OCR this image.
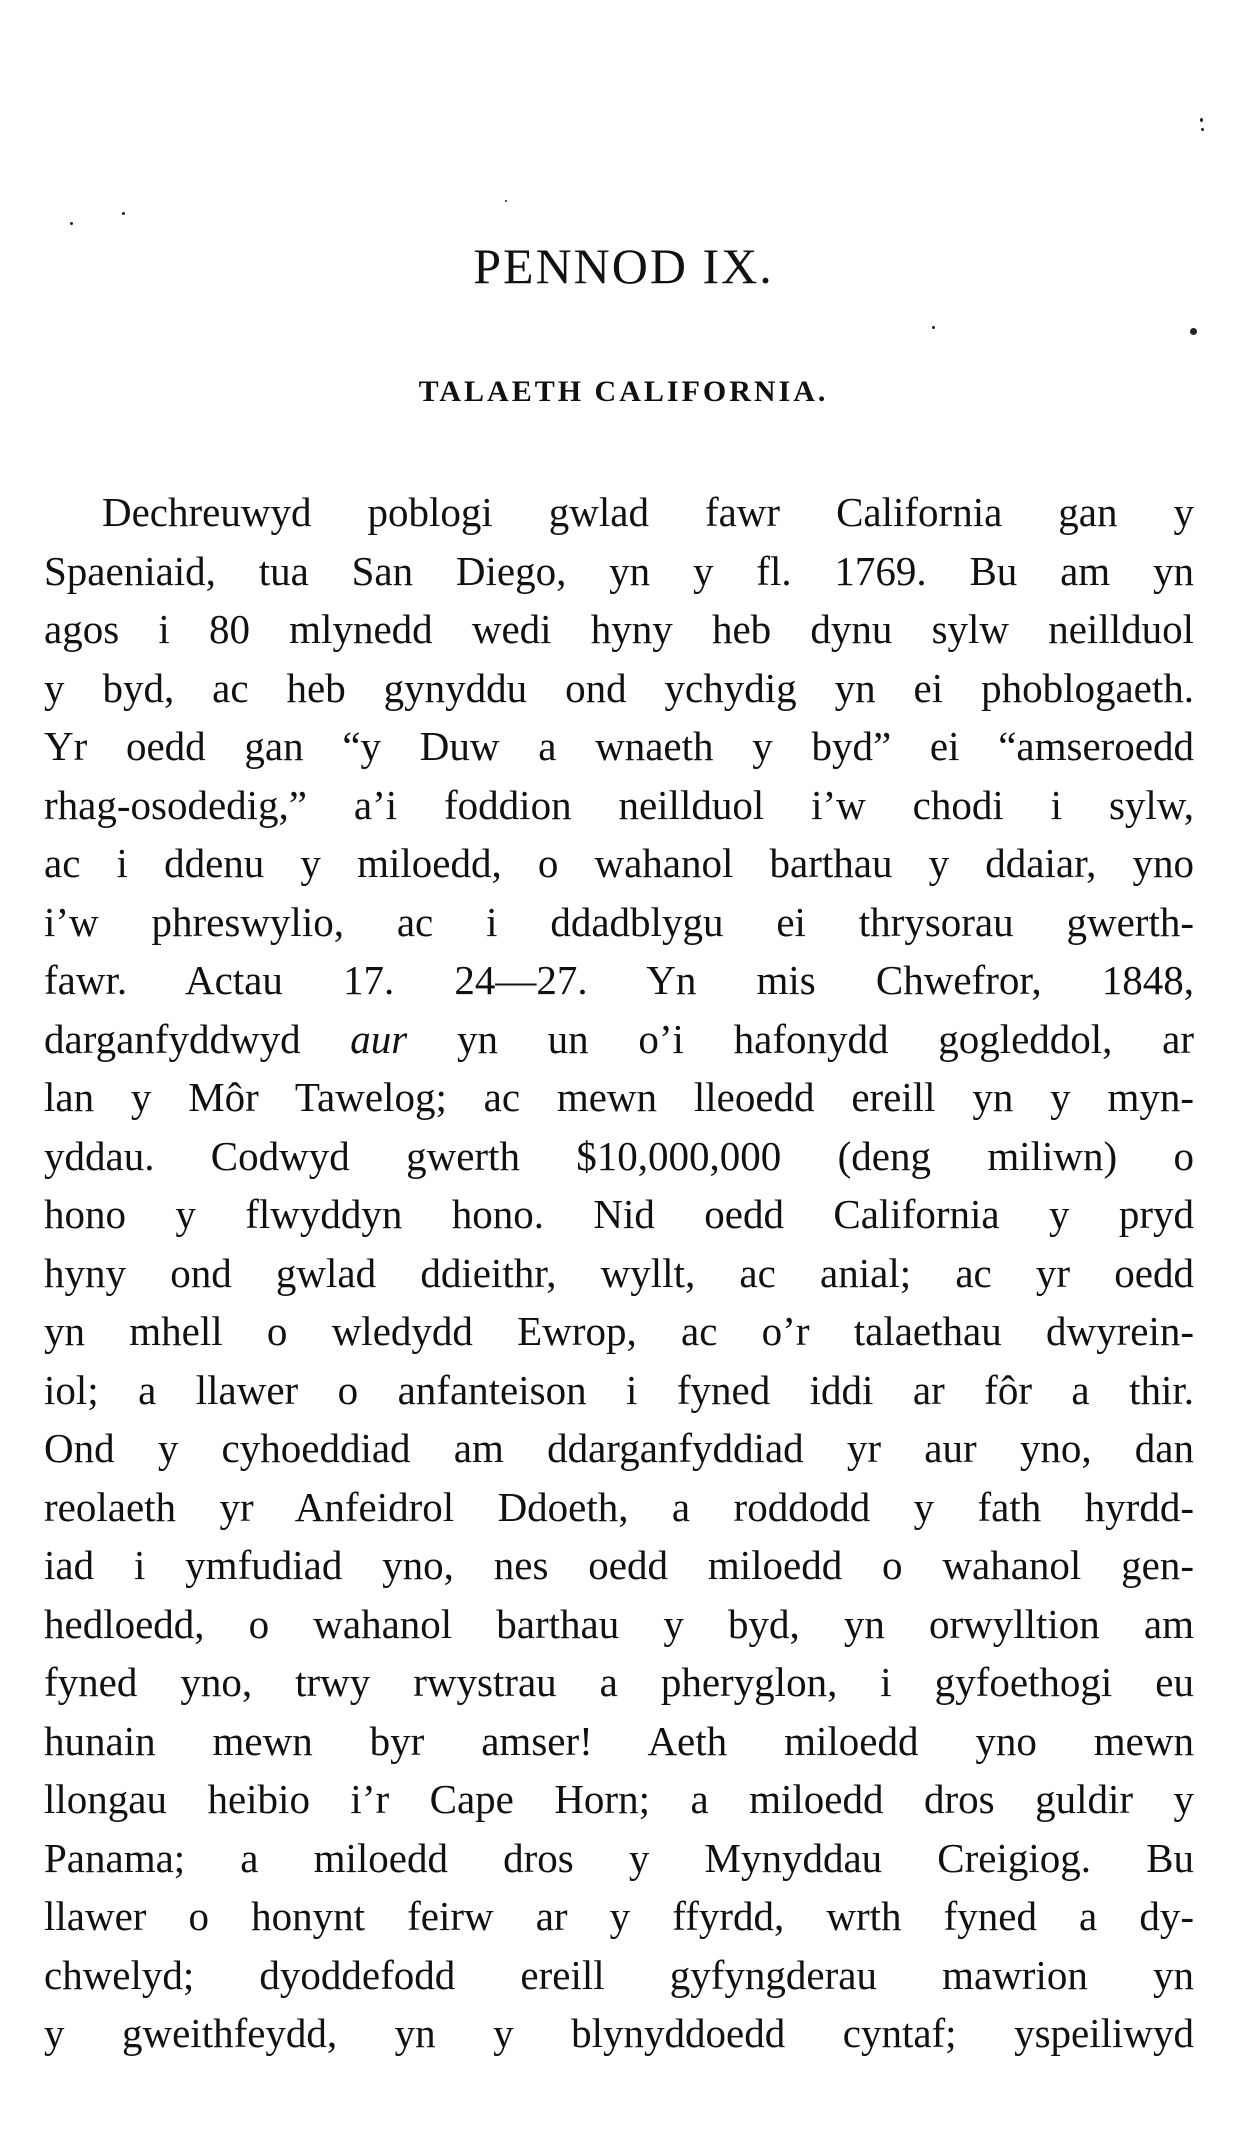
PENNOD IX.
TALAETH CALIFORNIA.
Dechreuwyd poblogi gwlad fawr California gan y
Spaeniaid, tua San Diego, yn y fl. 1769. Bu am yn
agos i 80 mlynedd wedi hyny heb dynu sylw neillduol
y byd, ac heb gynyddu ond ychydig yn ei phoblogaeth.
Yr oedd gan “y Duw a wnaeth y byd” ei “amseroedd
rhag-osodedig,” a’i foddion neillduol i’w chodi i sylw,
ac i ddenu y miloedd, o wahanol barthau y ddaiar, yno
i’w phreswylio, ac i ddadblygu ei thrysorau gwerth-
fawr. Actau 17. 24—27. Yn mis Chwefror, 1848,
darganfyddwyd aur yn un o’i hafonydd gogleddol, ar
lan y Môr Tawelog; ac mewn lleoedd ereill yn y myn-
yddau. Codwyd gwerth $10,000,000 (deng miliwn) o
hono y flwyddyn hono. Nid oedd California y pryd
hyny ond gwlad ddieithr, wyllt, ac anial; ac yr oedd
yn mhell o wledydd Ewrop, ac o’r talaethau dwyrein-
iol; a llawer o anfanteison i fyned iddi ar fôr a thir.
Ond y cyhoeddiad am ddarganfyddiad yr aur yno, dan
reolaeth yr Anfeidrol Ddoeth, a roddodd y fath hyrdd-
iad i ymfudiad yno, nes oedd miloedd o wahanol gen-
hedloedd, o wahanol barthau y byd, yn orwylltion am
fyned yno, trwy rwystrau a pheryglon, i gyfoethogi eu
hunain mewn byr amser! Aeth miloedd yno mewn
llongau heibio i’r Cape Horn; a miloedd dros guldir y
Panama; a miloedd dros y Mynyddau Creigiog. Bu
llawer o honynt feirw ar y ffyrdd, wrth fyned a dy-
chwelyd; dyoddefodd ereill gyfyngderau mawrion yn
y gweithfeydd, yn y blynyddoedd cyntaf; yspeiliwyd
